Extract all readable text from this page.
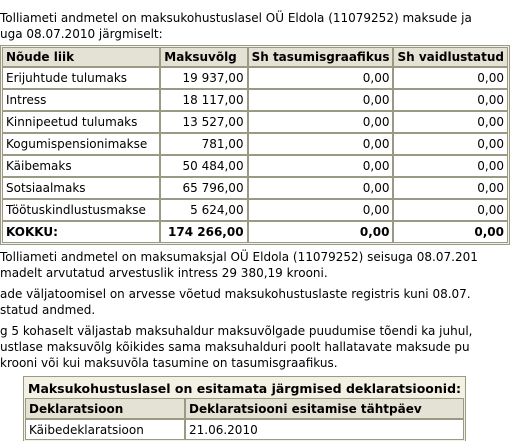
Tolliameti andmetel on maksukohustuslasel OÜ Eldola (11079252) maksude ja
uga 08.07.2010 järgmiselt:
Nõude liik	Maksuvõlg	Sh tasumisgraafikus	Sh vaidlustatud
Erijuhtude tulumaks	19 937,00	0,00	0,00
Intress	18 117,00	0,00	0,00
Kinnipeetud tulumaks	13 527,00	0,00	0,00
Kogumispensionimakse	781,00	0,00	0,00
Käibemaks	50 484,00	0,00	0,00
Sotsiaalmaks	65 796,00	0,00	0,00
Töötuskindlustusmakse	5 624,00	0,00	0,00
KOKKU:	174 266,00	0,00	0,00
Tolliameti andmetel on maksumaksjal OÜ Eldola (11079252) seisuga 08.07.201
madelt arvutatud arvestuslik intress 29 380,19 krooni.
ade väljatoomisel on arvesse võetud maksukohustuslaste registris kuni 08.07.
statud andmed.
g 5 kohaselt väljastab maksuhaldur maksuvõlgade puudumise tõendi ka juhul,
ustlase maksuvõlg kõikides sama maksuhalduri poolt hallatavate maksude pu
krooni või kui maksuvõla tasumine on tasumisgraafikus.
Maksukohustuslasel on esitamata järgmised deklaratsioonid:	
Deklaratsioon	Deklaratsiooni esitamise tähtpäev
Käibedeklaratsioon	21.06.2010
